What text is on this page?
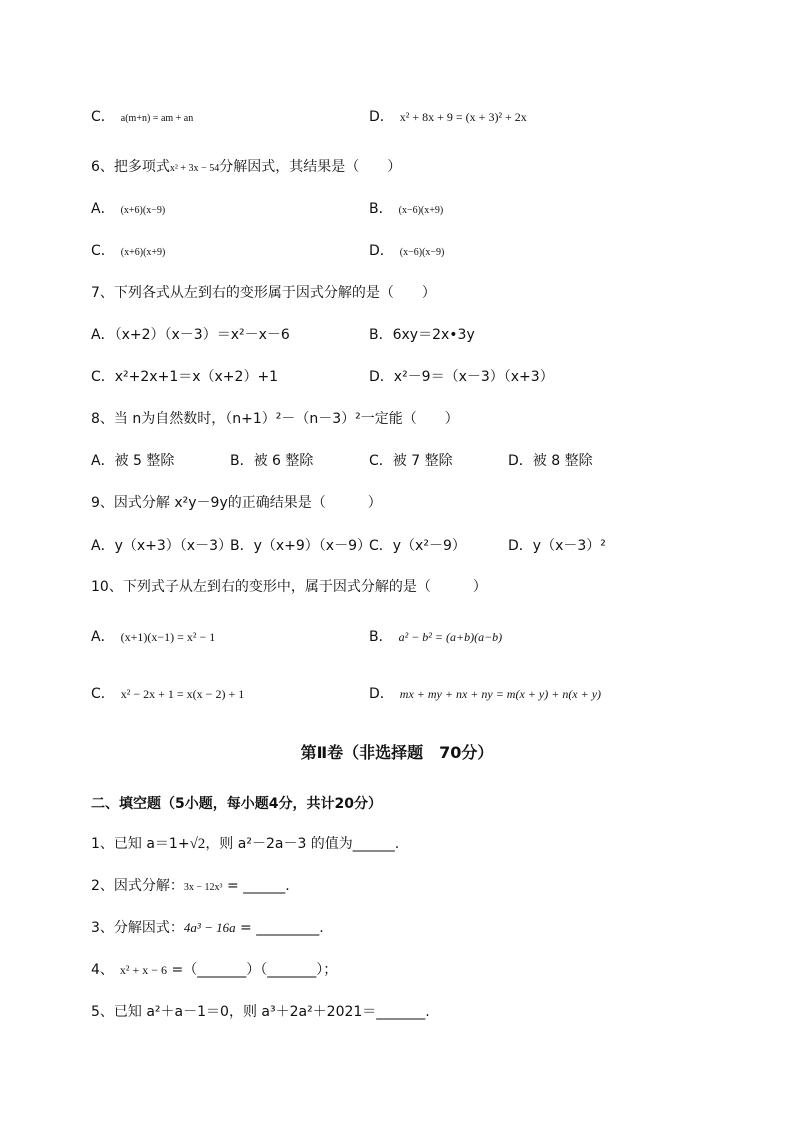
C． a(m+n) = am + an	D． x² + 8x + 9 = (x + 3)² + 2x
6、把多项式x² + 3x − 54分解因式，其结果是（　　）
A． (x+6)(x−9)	B． (x−6)(x+9)
C． (x+6)(x+9)	D． (x−6)(x−9)
7、下列各式从左到右的变形属于因式分解的是（　　）
A．（x+2）（x－3）＝x²－x－6	B．6xy＝2x•3y
C．x²+2x+1＝x（x+2）+1	D．x²－9＝（x－3）（x+3）
8、当 n为自然数时，（n+1）²－（n－3）²一定能（　　）
A．被 5 整除	B．被 6 整除	C．被 7 整除	D．被 8 整除
9、因式分解 x²y－9y的正确结果是（　　　）
A．y（x+3）（x－3）
B．y（x+9）（x－9）
C．y（x²－9）	D．y（x－3）²
10、下列式子从左到右的变形中，属于因式分解的是（　　　）
A． (x+1)(x−1) = x² − 1	B． a² − b² = (a+b)(a−b)
C． x² − 2x + 1 = x(x − 2) + 1	D． mx + my + nx + ny = m(x + y) + n(x + y)
第Ⅱ卷（非选择题　70分）
二、填空题（5小题，每小题4分，共计20分）
1、已知 a＝1+√2，则 a²－2a－3 的值为______.
2、因式分解：3x − 12x³ = ______.
3、分解因式：4a³ − 16a = _________.
4、 x² + x − 6 =（_______）（_______）；
5、已知 a²＋a－1＝0，则 a³＋2a²＋2021＝_______.
